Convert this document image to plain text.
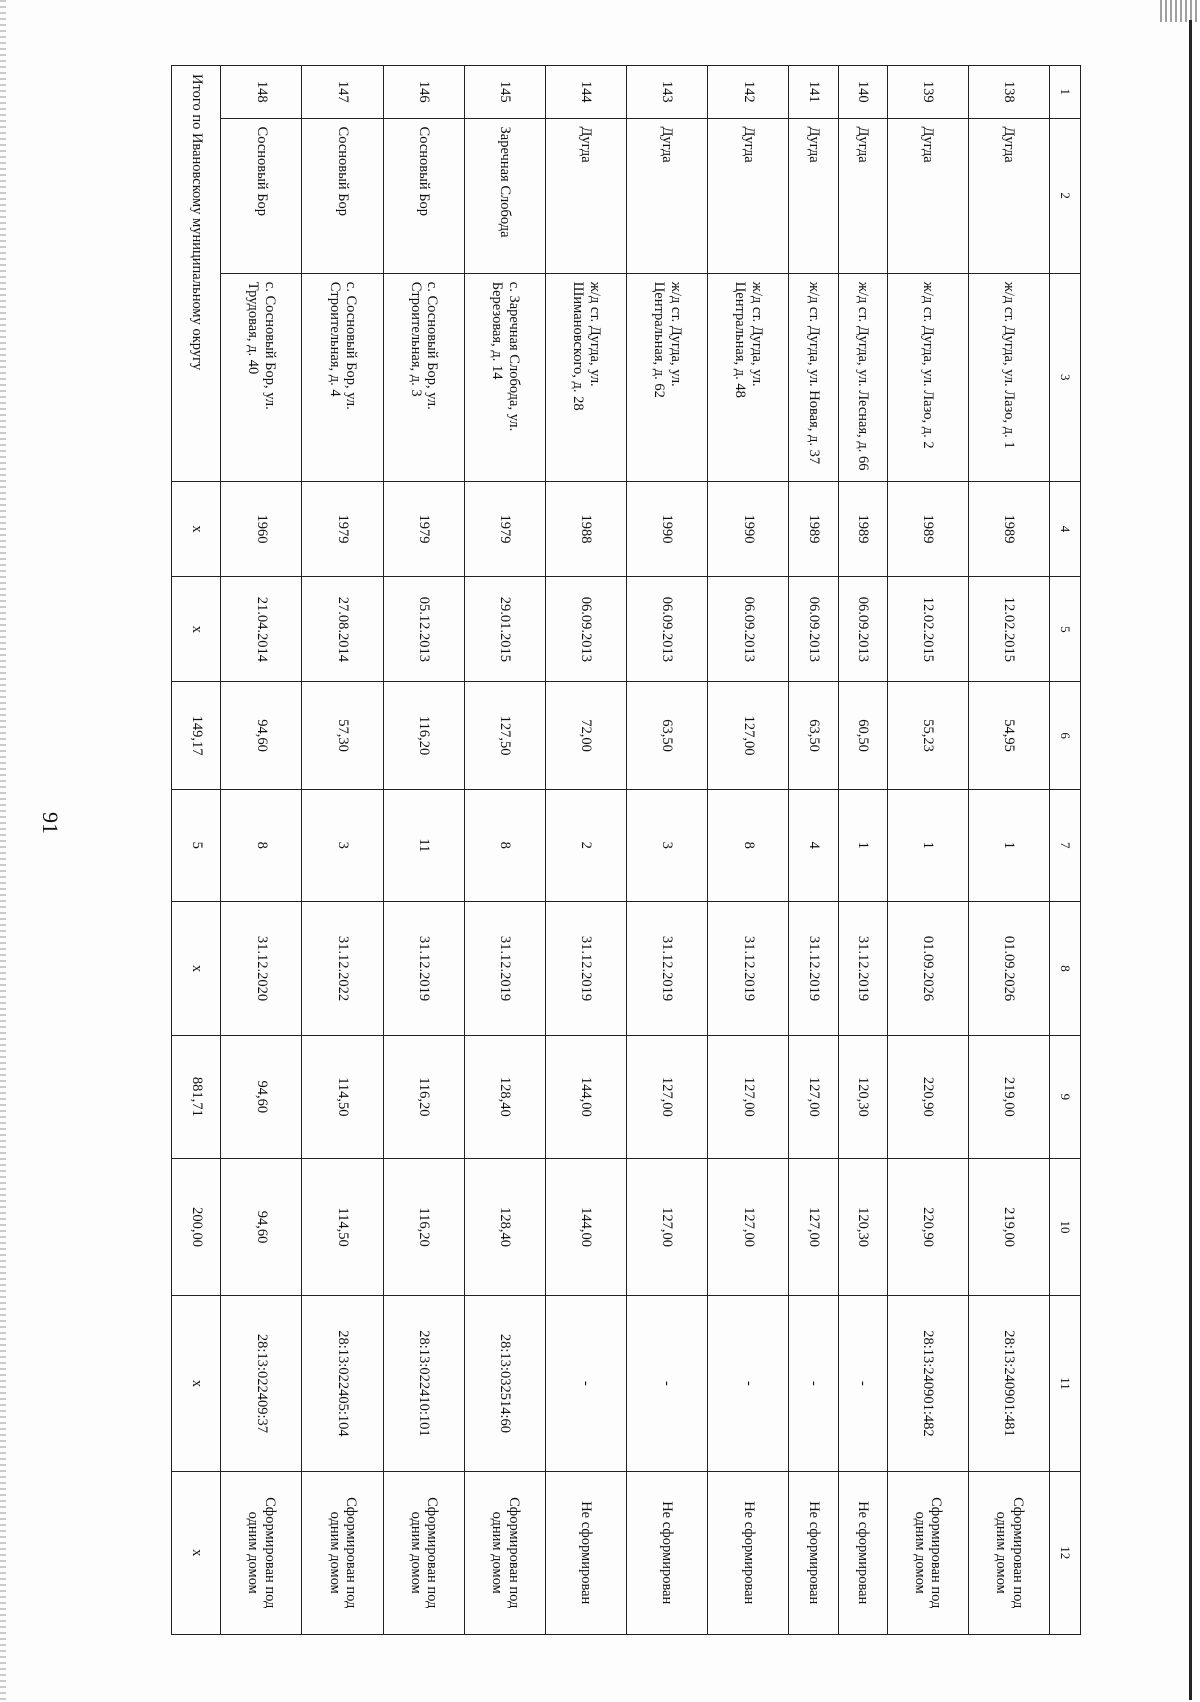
91
1	2	3	4	5	6	7	8	9	10	11	12
138	Дугда	ж/д ст. Дугда, ул. Лазо, д. 1	1989	12.02.2015	54,95	1	01.09.2026	219,00	219,00	28:13:240901:481	Сформирован под одним домом
139	Дугда	ж/д ст. Дугда, ул. Лазо, д. 2	1989	12.02.2015	55,23	1	01.09.2026	220,90	220,90	28:13:240901:482	Сформирован под одним домом
140	Дугда	ж/д ст. Дугда, ул. Лесная, д. 66	1989	06.09.2013	60,50	1	31.12.2019	120,30	120,30	-	Не сформирован
141	Дугда	ж/д ст. Дугда, ул. Новая, д. 37	1989	06.09.2013	63,50	4	31.12.2019	127,00	127,00	-	Не сформирован
142	Дугда	ж/д ст. Дугда, ул. Центральная, д. 48	1990	06.09.2013	127,00	8	31.12.2019	127,00	127,00	-	Не сформирован
143	Дугда	ж/д ст. Дугда, ул. Центральная, д. 62	1990	06.09.2013	63,50	3	31.12.2019	127,00	127,00	-	Не сформирован
144	Дугда	ж/д ст. Дугда, ул. Шимановского, д. 28	1988	06.09.2013	72,00	2	31.12.2019	144,00	144,00	-	Не сформирован
145	Заречная Слобода	с. Заречная Слобода, ул. Березовая, д. 14	1979	29.01.2015	127,50	8	31.12.2019	128,40	128,40	28:13:032514:60	Сформирован под одним домом
146	Сосновый Бор	с. Сосновый Бор, ул. Строительная, д. 3	1979	05.12.2013	116,20	11	31.12.2019	116,20	116,20	28:13:022410:101	Сформирован под одним домом
147	Сосновый Бор	с. Сосновый Бор, ул. Строительная, д. 4	1979	27.08.2014	57,30	3	31.12.2022	114,50	114,50	28:13:022405:104	Сформирован под одним домом
148	Сосновый Бор	с. Сосновый Бор, ул. Трудовая, д. 40	1960	21.04.2014	94,60	8	31.12.2020	94,60	94,60	28:13:022409:37	Сформирован под одним домом
Итого по Ивановскому муниципальному округу			x	x	149,17	5	x	881,71	200,00	x	x
